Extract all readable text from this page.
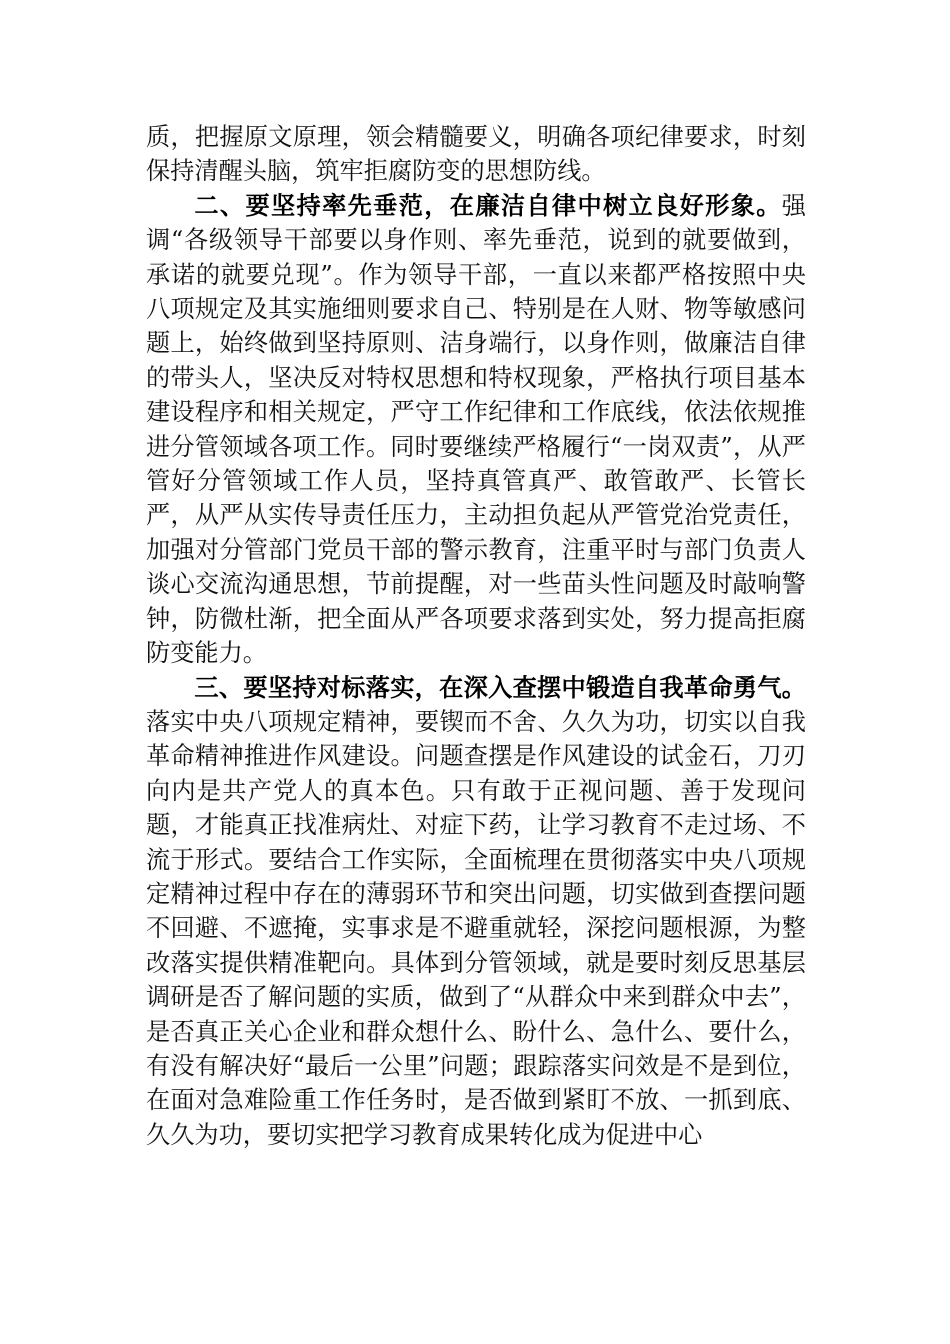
质，把握原文原理，领会精髓要义，明确各项纪律要求，时刻保持清醒头脑，筑牢拒腐防变的思想防线。

二、要坚持率先垂范，在廉洁自律中树立良好形象。强调“各级领导干部要以身作则、率先垂范，说到的就要做到，承诺的就要兑现”。作为领导干部，一直以来都严格按照中央八项规定及其实施细则要求自己、特别是在人财、物等敏感问题上，始终做到坚持原则、洁身端行，以身作则，做廉洁自律的带头人，坚决反对特权思想和特权现象，严格执行项目基本建设程序和相关规定，严守工作纪律和工作底线，依法依规推进分管领域各项工作。同时要继续严格履行“一岗双责”，从严管好分管领域工作人员，坚持真管真严、敢管敢严、长管长严，从严从实传导责任压力，主动担负起从严管党治党责任，加强对分管部门党员干部的警示教育，注重平时与部门负责人谈心交流沟通思想，节前提醒，对一些苗头性问题及时敲响警钟，防微杜渐，把全面从严各项要求落到实处，努力提高拒腐防变能力。

三、要坚持对标落实，在深入查摆中锻造自我革命勇气。落实中央八项规定精神，要锲而不舍、久久为功，切实以自我革命精神推进作风建设。问题查摆是作风建设的试金石，刀刃向内是共产党人的真本色。只有敢于正视问题、善于发现问题，才能真正找准病灶、对症下药，让学习教育不走过场、不流于形式。要结合工作实际，全面梳理在贯彻落实中央八项规定精神过程中存在的薄弱环节和突出问题，切实做到查摆问题不回避、不遮掩，实事求是不避重就轻，深挖问题根源，为整改落实提供精准靶向。具体到分管领域，就是要时刻反思基层调研是否了解问题的实质，做到了“从群众中来到群众中去”，是否真正关心企业和群众想什么、盼什么、急什么、要什么，有没有解决好“最后一公里”问题；跟踪落实问效是不是到位，在面对急难险重工作任务时，是否做到紧盯不放、一抓到底、久久为功，要切实把学习教育成果转化成为促进中心
